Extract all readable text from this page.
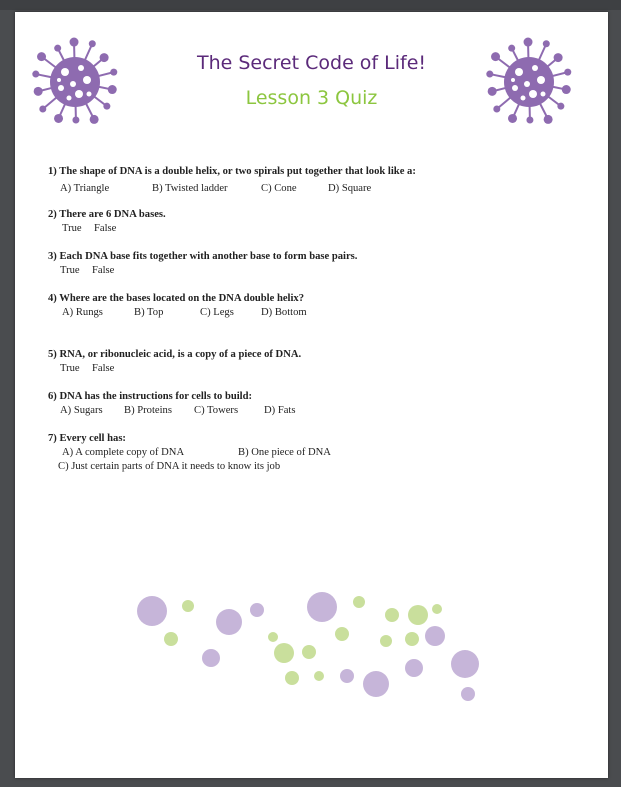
The Secret Code of Life!
Lesson 3 Quiz
1) The shape of DNA is a double helix, or two spirals put together that look like a:
A) Triangle	B) Twisted ladder	C) Cone	D) Square
2) There are 6 DNA bases.
True False
3) Each DNA base fits together with another base to form base pairs.
True False
4) Where are the bases located on the DNA double helix?
A) Rungs	B) Top	C) Legs	D) Bottom
5) RNA, or ribonucleic acid, is a copy of a piece of DNA.
True False
6) DNA has the instructions for cells to build:
A) Sugars B) Proteins C) Towers D) Fats
7) Every cell has:
A) A complete copy of DNA	B) One piece of DNA
C) Just certain parts of DNA it needs to know its job
